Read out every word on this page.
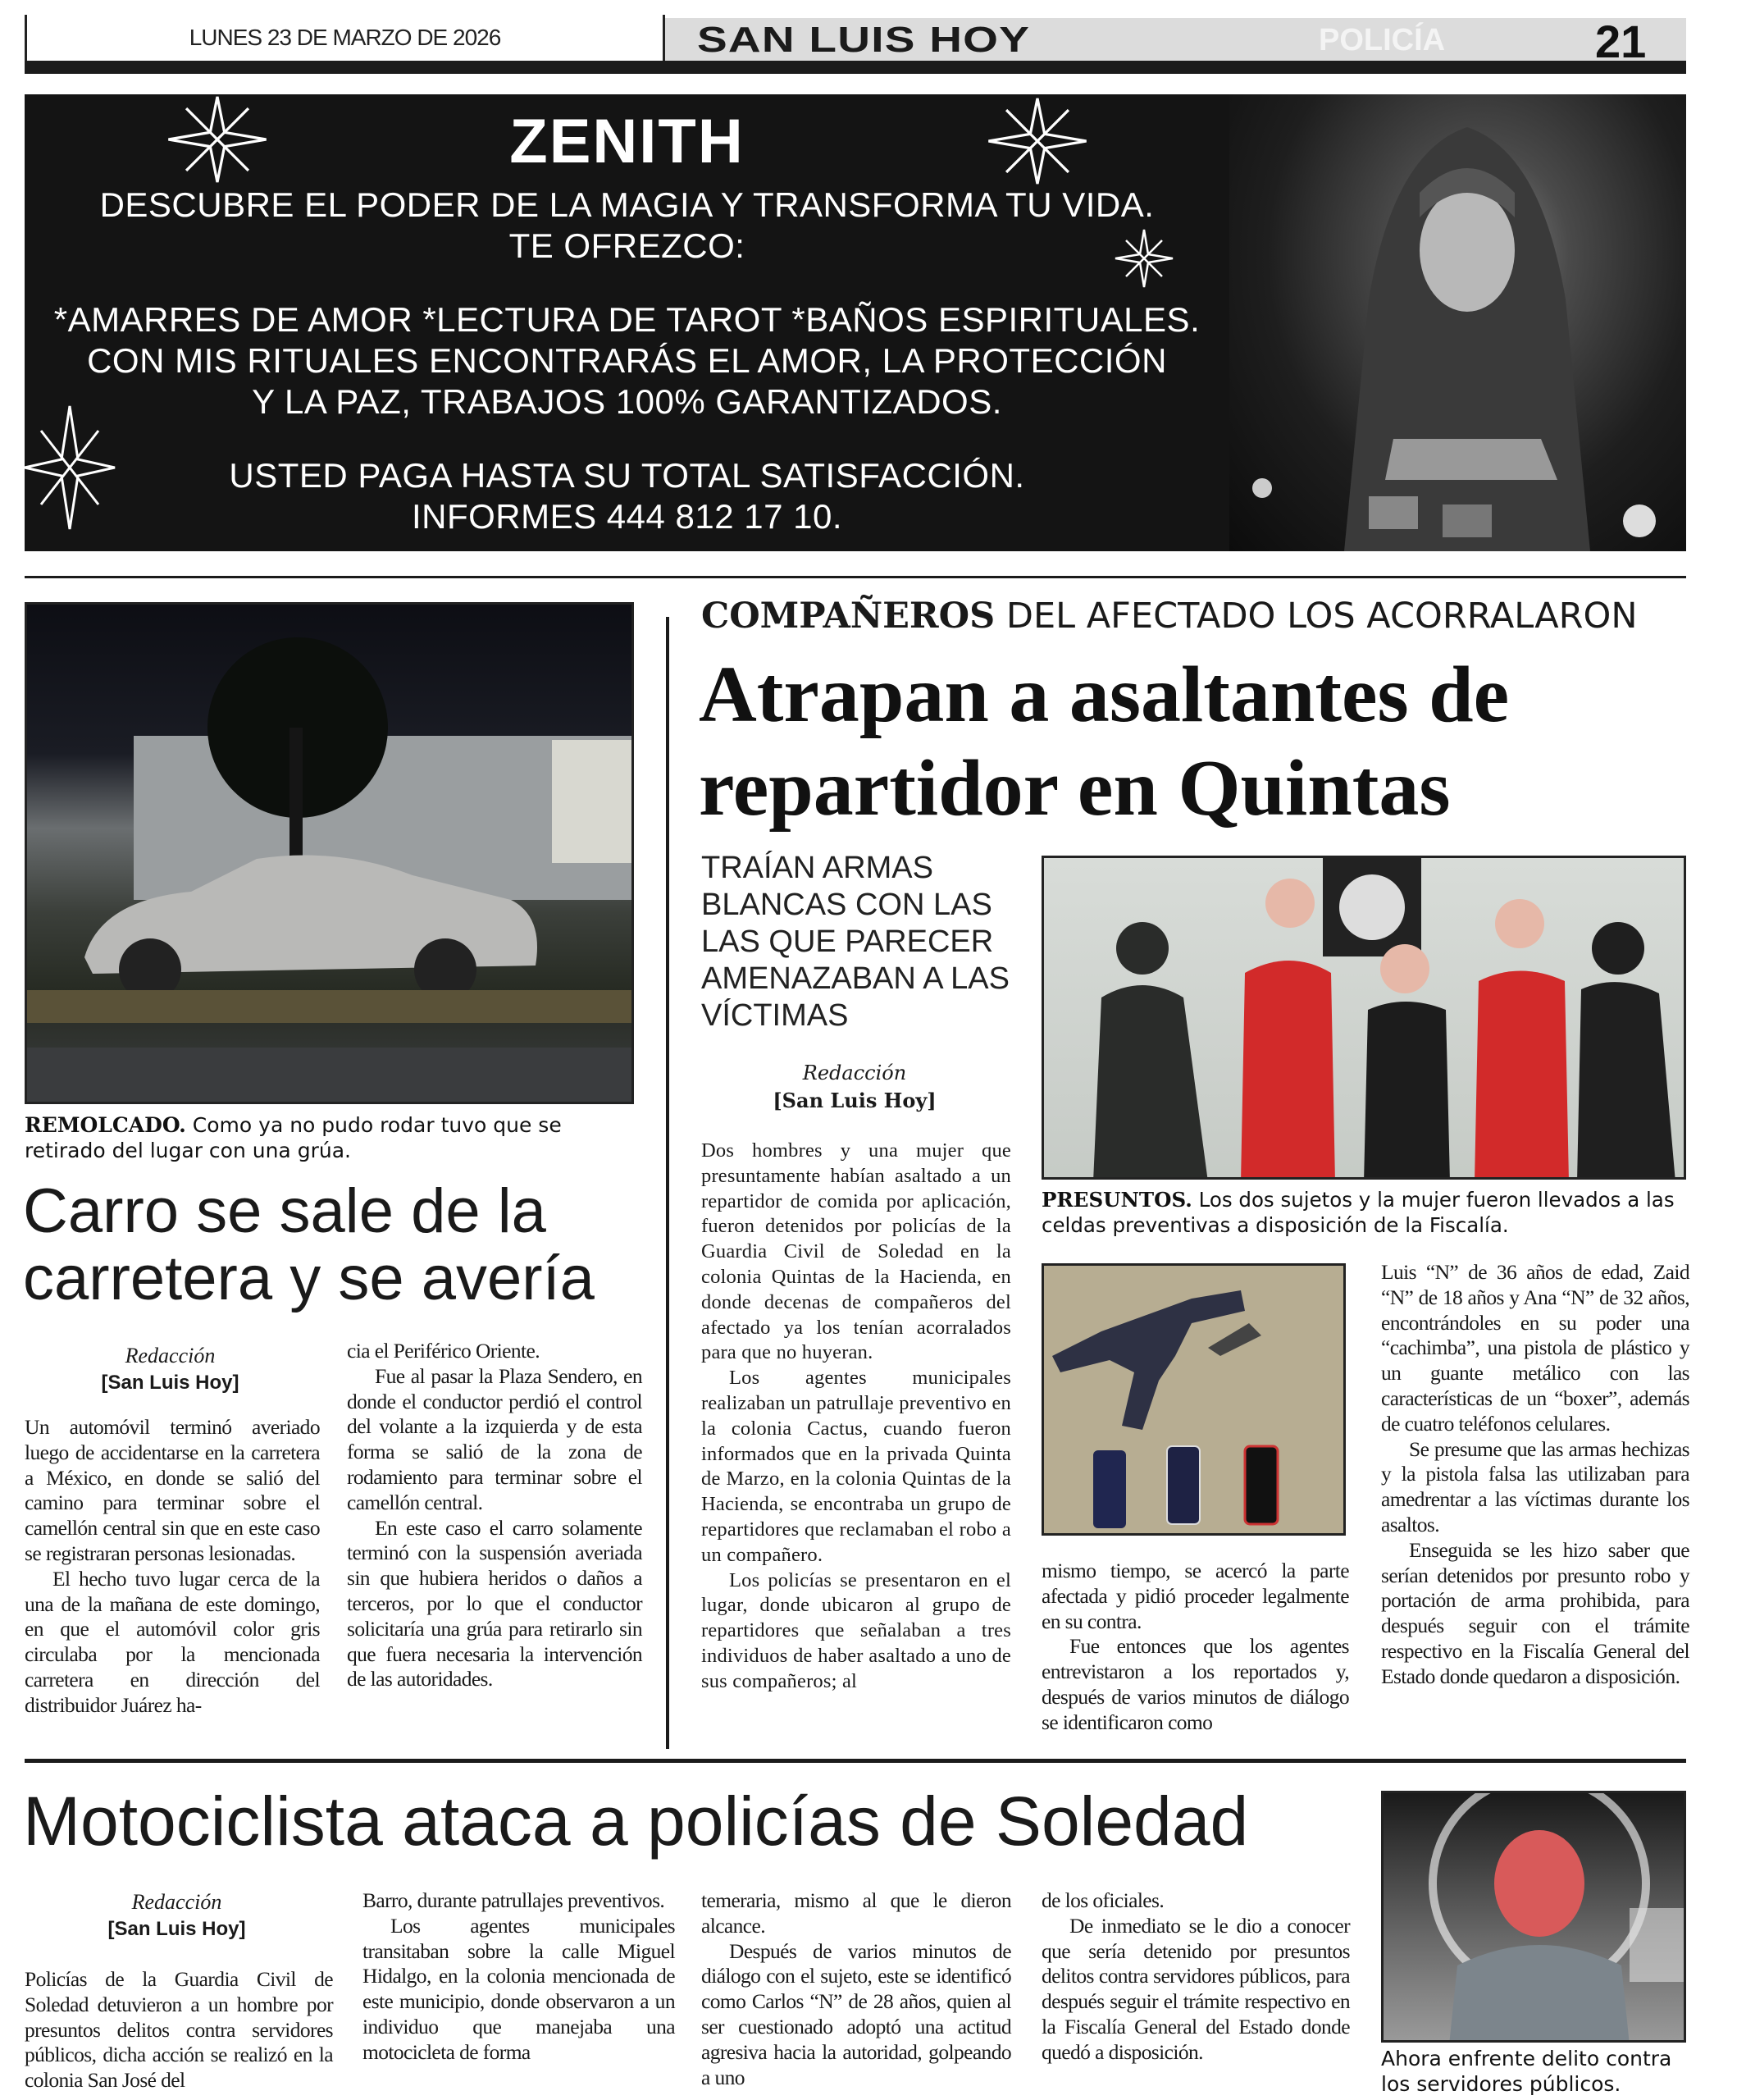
LUNES 23 DE MARZO DE 2026	SAN LUIS HOY	POLICÍA	21
ZENITH
DESCUBRE EL PODER DE LA MAGIA Y TRANSFORMA TU VIDA.
TE OFREZCO:
*AMARRES DE AMOR *LECTURA DE TAROT *BAÑOS ESPIRITUALES.
CON MIS RITUALES ENCONTRARÁS EL AMOR, LA PROTECCIÓN
Y LA PAZ, TRABAJOS 100% GARANTIZADOS.
USTED PAGA HASTA SU TOTAL SATISFACCIÓN.
INFORMES 444 812 17 10.
REMOLCADO. Como ya no pudo rodar tuvo que se retirado del lugar con una grúa.
Carro se sale de la carretera y se avería
Redacción
[San Luis Hoy]

Un automóvil terminó averiado luego de accidentarse en la carretera a México, en donde se salió del camino para terminar sobre el camellón central sin que en este caso se registraran personas lesionadas.

El hecho tuvo lugar cerca de la una de la mañana de este domingo, en que el automóvil color gris circulaba por la mencionada carretera en dirección del distribuidor Juárez ha-

cia el Periférico Oriente.

Fue al pasar la Plaza Sendero, en donde el conductor perdió el control del volante a la izquierda y de esta forma se salió de la zona de rodamiento para terminar sobre el camellón central.

En este caso el carro solamente terminó con la suspensión averiada sin que hubiera heridos o daños a terceros, por lo que el conductor solicitaría una grúa para retirarlo sin que fuera necesaria la intervención de las autoridades.

COMPAÑEROS DEL AFECTADO LOS ACORRALARON
Atrapan a asaltantes de repartidor en Quintas
TRAÍAN ARMAS BLANCAS CON LAS LAS QUE PARECER AMENAZABAN A LAS VÍCTIMAS
Redacción
[San Luis Hoy]
PRESUNTOS. Los dos sujetos y la mujer fueron llevados a las celdas preventivas a disposición de la Fiscalía.

Dos hombres y una mujer que presuntamente habían asaltado a un repartidor de comida por aplicación, fueron detenidos por policías de la Guardia Civil de Soledad en la colonia Quintas de la Hacienda, en donde decenas de compañeros del afectado ya los tenían acorralados para que no huyeran.

Los agentes municipales realizaban un patrullaje preventivo en la colonia Cactus, cuando fueron informados que en la privada Quinta de Marzo, en la colonia Quintas de la Hacienda, se encontraba un grupo de repartidores que reclamaban el robo a un compañero.

Los policías se presentaron en el lugar, donde ubicaron al grupo de repartidores que señalaban a tres individuos de haber asaltado a uno de sus compañeros; al

mismo tiempo, se acercó la parte afectada y pidió proceder legalmente en su contra.

Fue entonces que los agentes entrevistaron a los reportados y, después de varios minutos de diálogo se identificaron como

Luis “N” de 36 años de edad, Zaid “N” de 18 años y Ana “N” de 32 años, encontrándoles en su poder una “cachimba”, una pistola de plástico y un guante metálico con las características de un “boxer”, además de cuatro teléfonos celulares.

Se presume que las armas hechizas y la pistola falsa las utilizaban para amedrentar a las víctimas durante los asaltos.

Enseguida se les hizo saber que serían detenidos por presunto robo y portación de arma prohibida, para después seguir con el trámite respectivo en la Fiscalía General del Estado donde quedaron a disposición.

Motociclista ataca a policías de Soledad
Ahora enfrente delito contra los servidores públicos.
Redacción
[San Luis Hoy]

Policías de la Guardia Civil de Soledad detuvieron a un hombre por presuntos delitos contra servidores públicos, dicha acción se realizó en la colonia San José del

Barro, durante patrullajes preventivos.

Los agentes municipales transitaban sobre la calle Miguel Hidalgo, en la colonia mencionada de este municipio, donde observaron a un individuo que manejaba una motocicleta de forma

temeraria, mismo al que le dieron alcance.

Después de varios minutos de diálogo con el sujeto, este se identificó como Carlos “N” de 28 años, quien al ser cuestionado adoptó una actitud agresiva hacia la autoridad, golpeando a uno

de los oficiales.

De inmediato se le dio a conocer que sería detenido por presuntos delitos contra servidores públicos, para después seguir el trámite respectivo en la Fiscalía General del Estado donde quedó a disposición.
